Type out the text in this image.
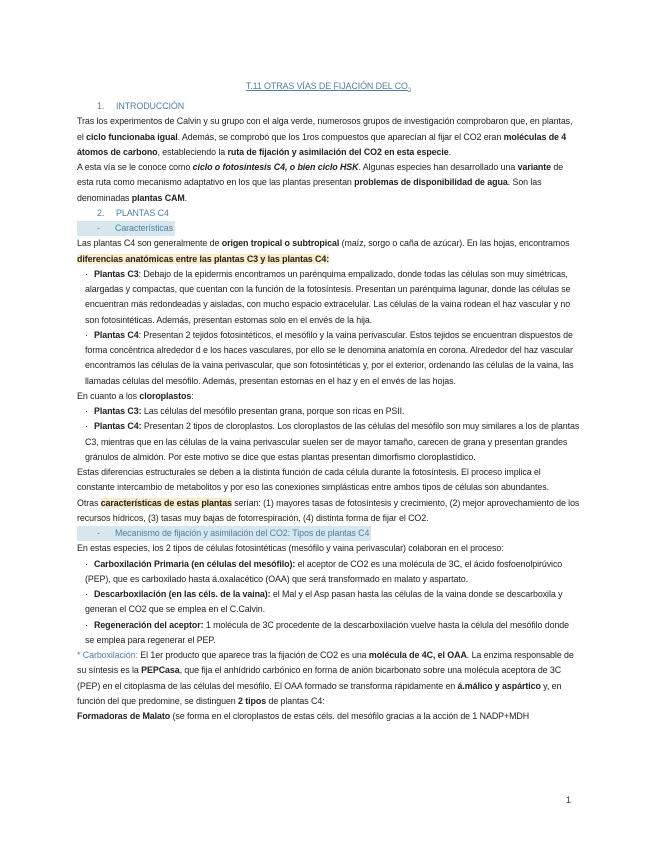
T.11 OTRAS VÍAS DE FIJACIÓN DEL $CO_2$

1. INTRODUCCIÓN

Tras los experimentos de Calvin y su grupo con el alga verde, numerosos grupos de investigación comprobaron que, en plantas, el ciclo funcionaba igual. Además, se comprobó que los 1ros compuestos que aparecían al fijar el CO2 eran moléculas de 4 átomos de carbono, estableciendo la ruta de fijación y asimilación del CO2 en esta especie.
A esta vía se le conoce como ciclo o fotosíntesis C4, o bien ciclo HSK. Algunas especies han desarrollado una variante de esta ruta como mecanismo adaptativo en los que las plantas presentan problemas de disponibilidad de agua. Son las denominadas plantas CAM.

2. PLANTAS C4

- Características

Las plantas C4 son generalmente de origen tropical o subtropical (maíz, sorgo o caña de azúcar). En las hojas, encontramos diferencias anatómicas entre las plantas C3 y las plantas C4:

· Plantas C3: Debajo de la epidermis encontramos un parénquima empalizado, donde todas las células son muy simétricas, alargadas y compactas, que cuentan con la función de la fotosíntesis. Presentan un parénquima lagunar, donde las células se encuentran más redondeadas y aisladas, con mucho espacio extracelular. Las células de la vaina rodean el haz vascular y no son fotosintéticas. Además, presentan estomas solo en el envés de la hija.

· Plantas C4: Presentan 2 tejidos fotosintéticos, el mesófilo y la vaina perivascular. Estos tejidos se encuentran dispuestos de forma concéntrica alrededor d e los haces vasculares, por ello se le denomina anatomía en corona. Alrededor del haz vascular encontramos las células de la vaina perivascular, que son fotosintéticas y, por el exterior, ordenando las células de la vaina, las llamadas células del mesófilo. Además, presentan estomas en el haz y en el envés de las hojas.

En cuanto a los cloroplastos:

· Plantas C3: Las células del mesófilo presentan grana, porque son ricas en PSII.

· Plantas C4: Presentan 2 tipos de cloroplastos. Los cloroplastos de las células del mesófilo son muy similares a los de plantas C3, mientras que en las células de la vaina perivascular suelen ser de mayor tamaño, carecen de grana y presentan grandes gránulos de almidón. Por este motivo se dice que estas plantas presentan dimorfismo cloroplastídico.

Estas diferencias estructurales se deben a la distinta función de cada célula durante la fotosíntesis. El proceso implica el constante intercambio de metabolitos y por eso las conexiones simplásticas entre ambos tipos de células son abundantes.

Otras características de estas plantas serían: (1) mayores tasas de fotosíntesis y crecimiento, (2) mejor aprovechamiento de los recursos hídricos, (3) tasas muy bajas de fotorrespiración, (4) distinta forma de fijar el CO2.

- Mecanismo de fijación y asimilación del CO2: Tipos de plantas C4

En estas especies, los 2 tipos de células fotosintéticas (mesófilo y vaina perivascular) colaboran en el proceso:

· Carboxilación Primaria (en células del mesófilo): el aceptor de CO2 es una molécula de 3C, el ácido fosfoenolpirúvico (PEP), que es carboxilado hasta á.oxalacético (OAA) que será transformado en malato y aspartato.

· Descarboxilación (en las céls. de la vaina): el Mal y el Asp pasan hasta las células de la vaina donde se descarboxila y generan el CO2 que se emplea en el C.Calvin.

· Regeneración del aceptor: 1 molécula de 3C procedente de la descarboxilación vuelve hasta la célula del mesófilo donde se emplea para regenerar el PEP.

* Carboxilación: El 1er producto que aparece tras la fijación de CO2 es una molécula de 4C, el OAA. La enzima responsable de su síntesis es la PEPCasa, que fija el anhídrido carbónico en forma de anión bicarbonato sobre una molécula aceptora de 3C (PEP) en el citoplasma de las células del mesófilo. El OAA formado se transforma rápidamente en á.málico y aspártico y, en función del que predomine, se distinguen 2 tipos de plantas C4:
Formadoras de Malato (se forma en el cloroplastos de estas céls. del mesófilo gracias a la acción de 1 NADP+MDH

1
